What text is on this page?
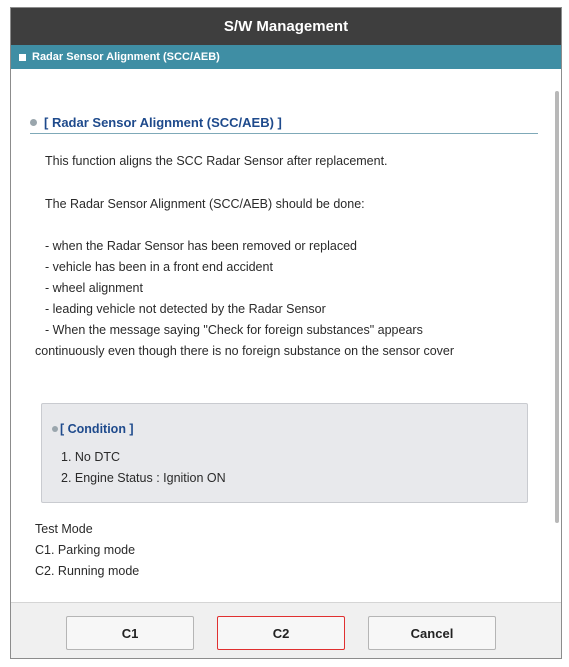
S/W Management
Radar Sensor Alignment (SCC/AEB)
[ Radar Sensor Alignment (SCC/AEB) ]
This function aligns the SCC Radar Sensor after replacement.
The Radar Sensor Alignment (SCC/AEB) should be done:
- when the Radar Sensor has been removed or replaced
- vehicle has been in a front end accident
- wheel alignment
- leading vehicle not detected by the Radar Sensor
- When the message saying "Check for foreign substances" appears
continuously even though there is no foreign substance on the sensor cover
[ Condition ]
1. No DTC
2. Engine Status : Ignition ON
Test Mode
C1. Parking mode
C2. Running mode
C1	C2	Cancel
